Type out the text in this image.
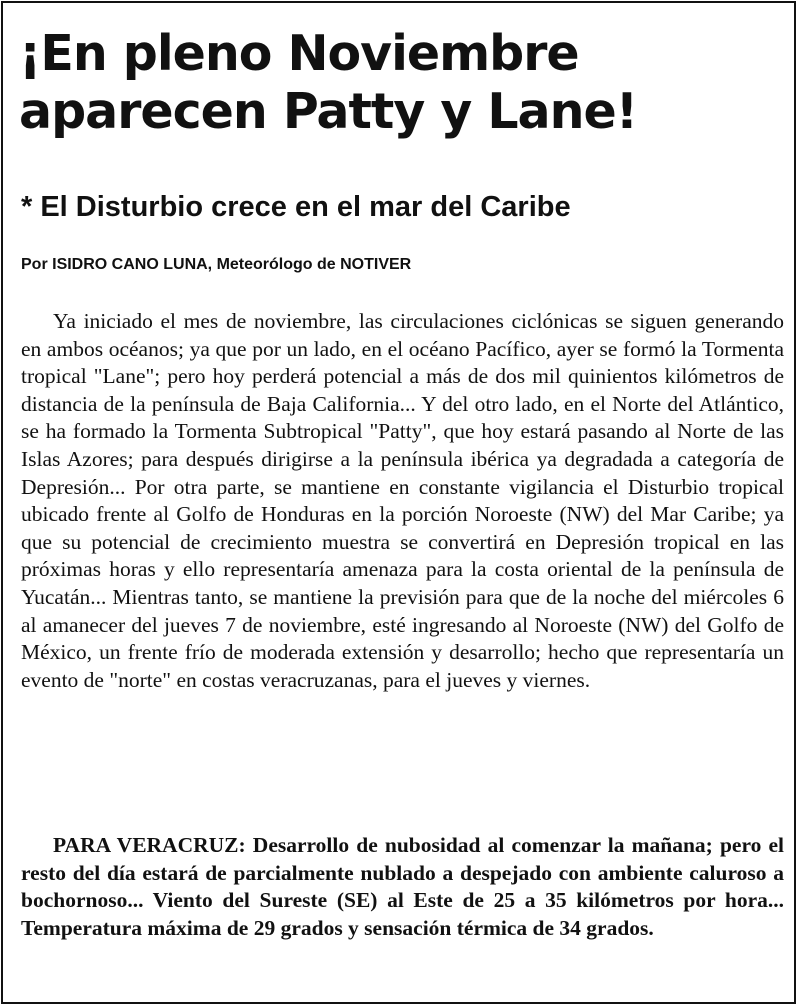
¡En pleno Noviembre
aparecen Patty y Lane!
* El Disturbio crece en el mar del Caribe

Por ISIDRO CANO LUNA, Meteorólogo de NOTIVER

Ya iniciado el mes de noviembre, las circulaciones ciclónicas se siguen generando en ambos océanos; ya que por un lado, en el océano Pacífico, ayer se formó la Tormenta tropical "Lane"; pero hoy perderá potencial a más de dos mil quinientos kilómetros de distancia de la península de Baja California... Y del otro lado, en el Norte del Atlántico, se ha formado la Tormenta Subtropical "Patty", que hoy estará pasando al Norte de las Islas Azores; para después dirigirse a la península ibérica ya degradada a categoría de Depresión... Por otra parte, se mantiene en constante vigilancia el Disturbio tropical ubicado frente al Golfo de Honduras en la porción Noroeste (NW) del Mar Caribe; ya que su potencial de crecimiento muestra se convertirá en Depresión tropical en las próximas horas y ello representaría amenaza para la costa oriental de la península de Yucatán... Mientras tanto, se mantiene la previsión para que de la noche del miércoles 6 al amanecer del jueves 7 de noviembre, esté ingresando al Noroeste (NW) del Golfo de México, un frente frío de moderada extensión y desarrollo; hecho que representaría un evento de "norte" en costas veracruzanas, para el jueves y viernes.

PARA VERACRUZ: Desarrollo de nubosidad al comenzar la mañana; pero el resto del día estará de parcialmente nublado a despejado con ambiente caluroso a bochornoso... Viento del Sureste (SE) al Este de 25 a 35 kilómetros por hora... Temperatura máxima de 29 grados y sensación térmica de 34 grados.
